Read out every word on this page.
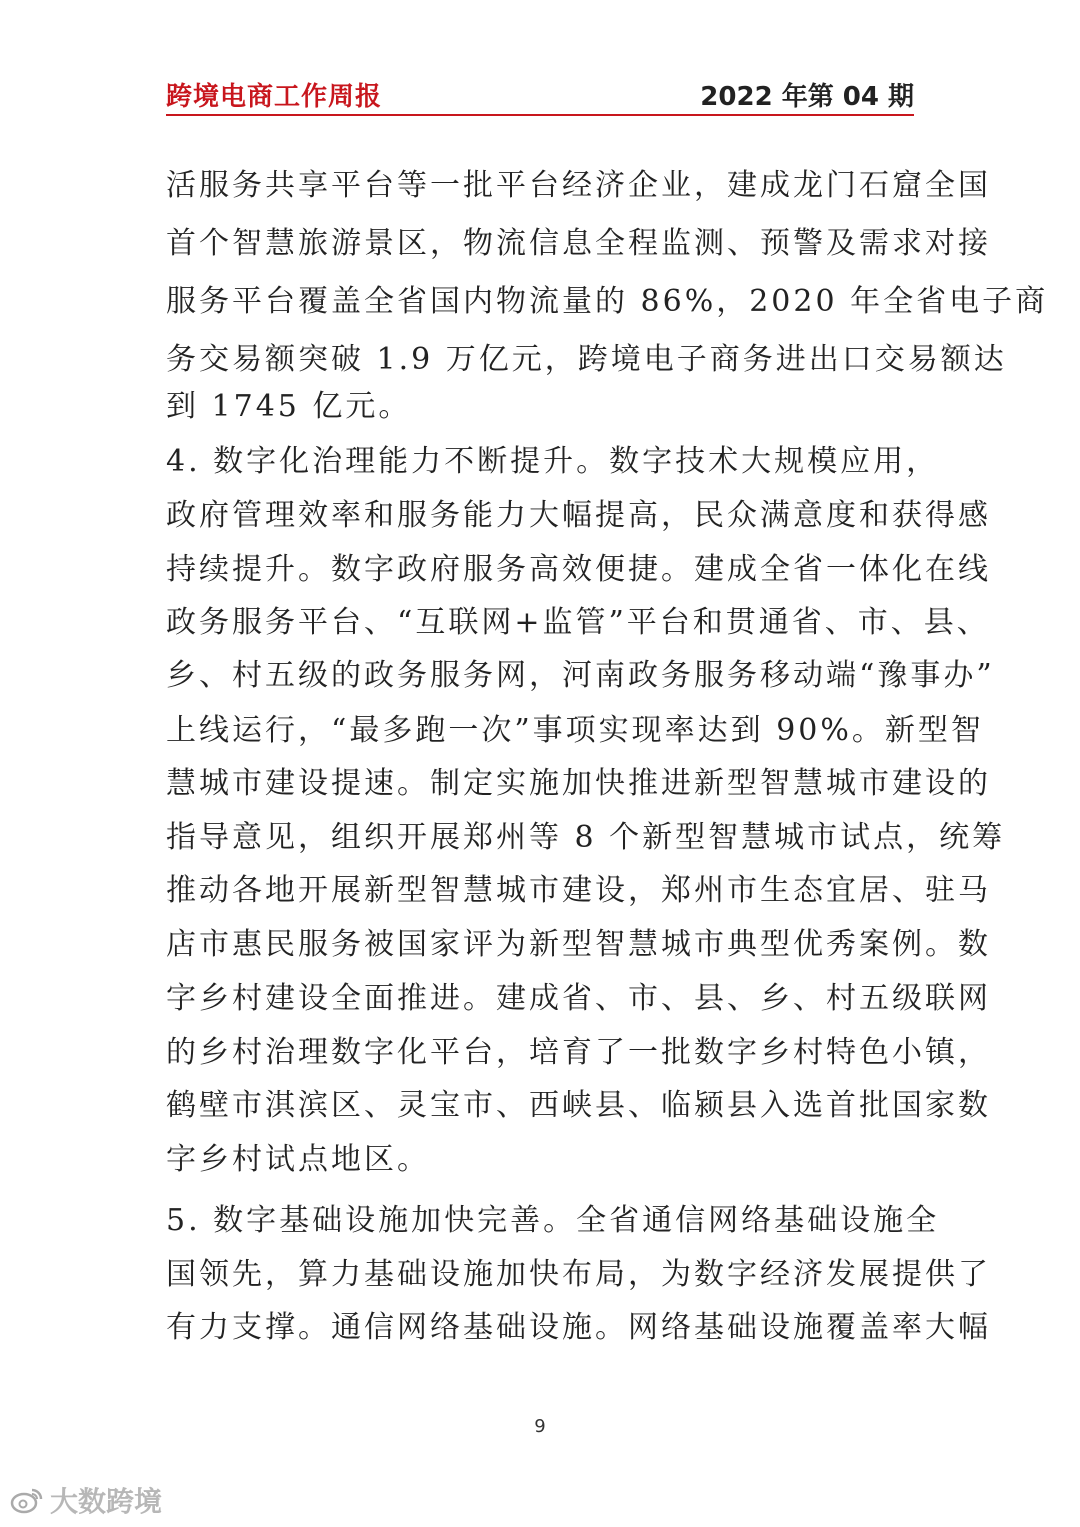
跨境电商工作周报	2022 年第 04 期
活服务共享平台等一批平台经济企业，建成龙门石窟全国
首个智慧旅游景区，物流信息全程监测、预警及需求对接
服务平台覆盖全省国内物流量的 86%，2020 年全省电子商
务交易额突破 1.9 万亿元，跨境电子商务进出口交易额达
到 1745 亿元。
4. 数字化治理能力不断提升。数字技术大规模应用，
政府管理效率和服务能力大幅提高，民众满意度和获得感
持续提升。数字政府服务高效便捷。建成全省一体化在线
政务服务平台、“互联网+监管”平台和贯通省、市、县、
乡、村五级的政务服务网，河南政务服务移动端“豫事办”
上线运行，“最多跑一次”事项实现率达到 90%。新型智
慧城市建设提速。制定实施加快推进新型智慧城市建设的
指导意见，组织开展郑州等 8 个新型智慧城市试点，统筹
推动各地开展新型智慧城市建设，郑州市生态宜居、驻马
店市惠民服务被国家评为新型智慧城市典型优秀案例。数
字乡村建设全面推进。建成省、市、县、乡、村五级联网
的乡村治理数字化平台，培育了一批数字乡村特色小镇，
鹤壁市淇滨区、灵宝市、西峡县、临颍县入选首批国家数
字乡村试点地区。
5. 数字基础设施加快完善。全省通信网络基础设施全
国领先，算力基础设施加快布局，为数字经济发展提供了
有力支撑。通信网络基础设施。网络基础设施覆盖率大幅
9
大数跨境
